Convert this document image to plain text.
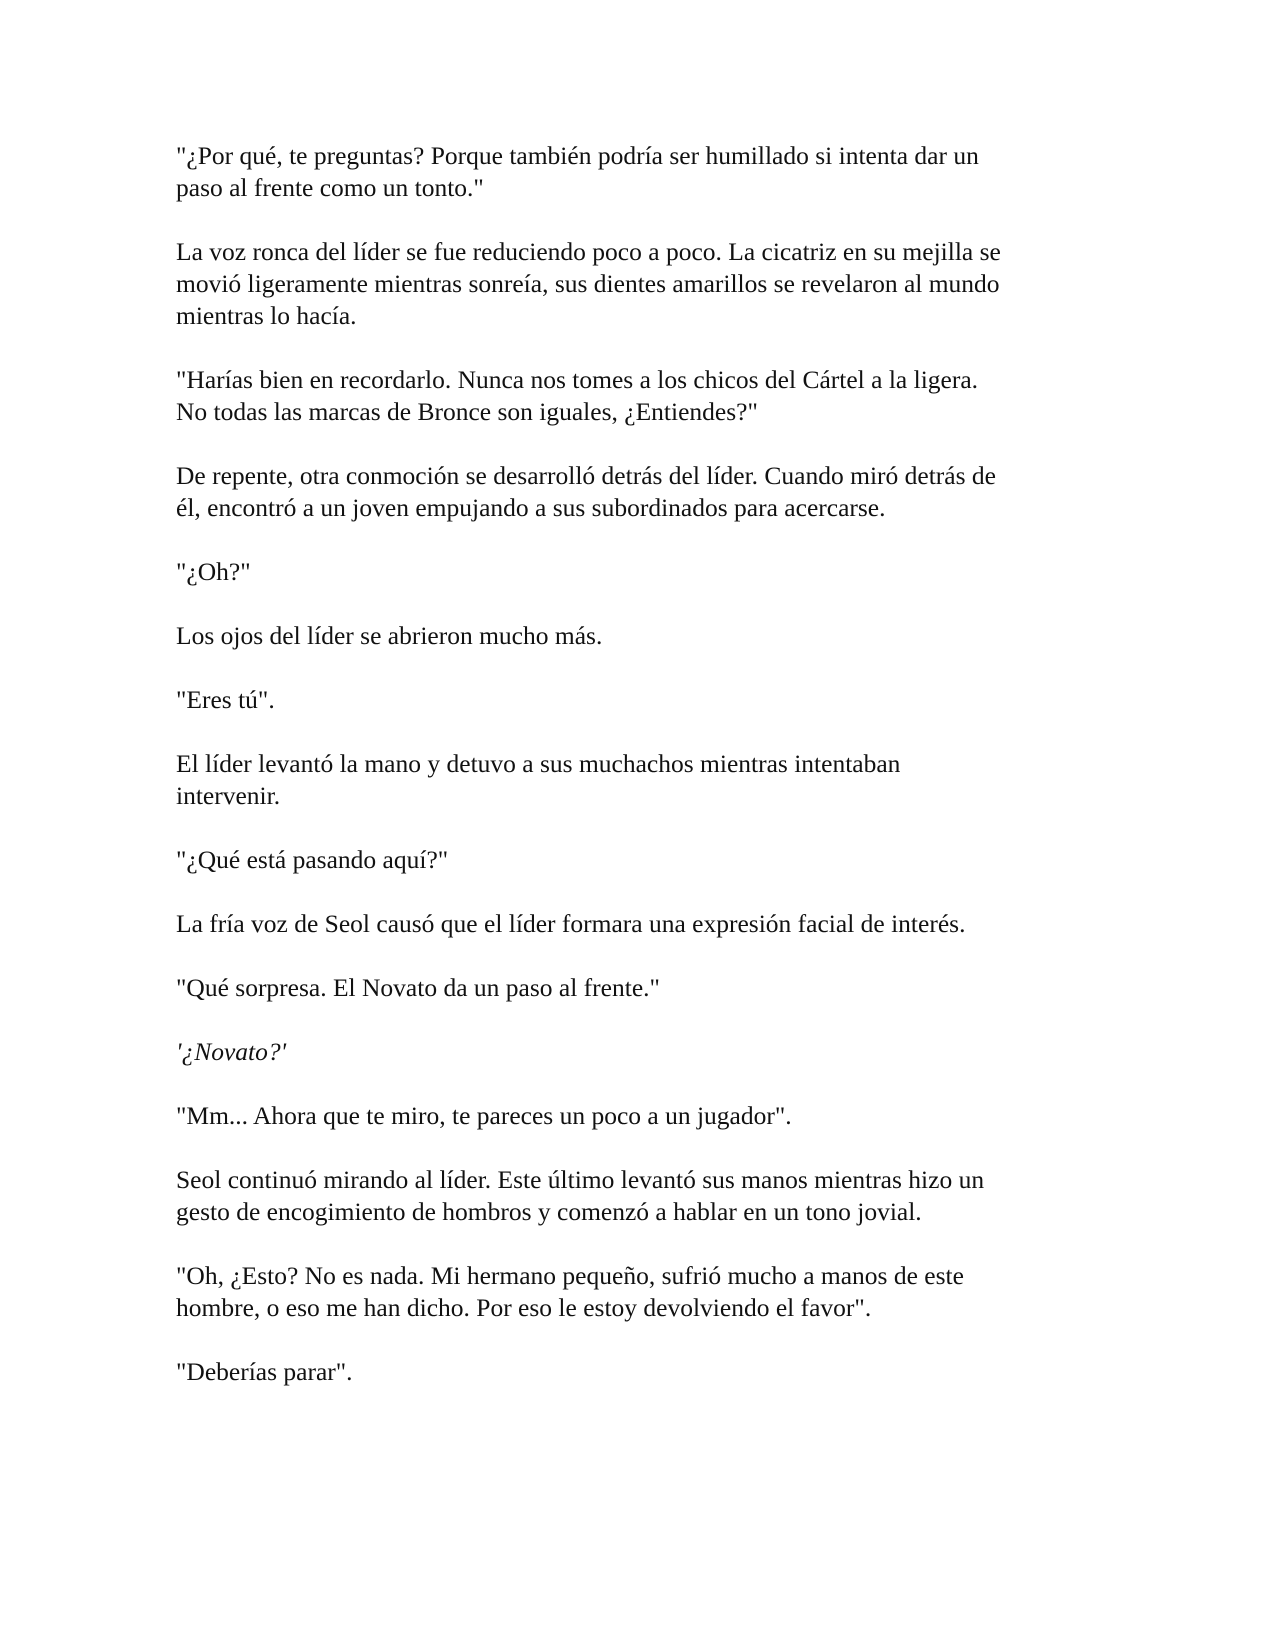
"¿Por qué, te preguntas? Porque también podría ser humillado si intenta dar un
paso al frente como un tonto."

La voz ronca del líder se fue reduciendo poco a poco. La cicatriz en su mejilla se
movió ligeramente mientras sonreía, sus dientes amarillos se revelaron al mundo
mientras lo hacía.

"Harías bien en recordarlo. Nunca nos tomes a los chicos del Cártel a la ligera.
No todas las marcas de Bronce son iguales, ¿Entiendes?"

De repente, otra conmoción se desarrolló detrás del líder. Cuando miró detrás de
él, encontró a un joven empujando a sus subordinados para acercarse.

"¿Oh?"

Los ojos del líder se abrieron mucho más.

"Eres tú".

El líder levantó la mano y detuvo a sus muchachos mientras intentaban
intervenir.

"¿Qué está pasando aquí?"

La fría voz de Seol causó que el líder formara una expresión facial de interés.

"Qué sorpresa. El Novato da un paso al frente."

'¿Novato?'

"Mm... Ahora que te miro, te pareces un poco a un jugador".

Seol continuó mirando al líder. Este último levantó sus manos mientras hizo un
gesto de encogimiento de hombros y comenzó a hablar en un tono jovial.

"Oh, ¿Esto? No es nada. Mi hermano pequeño, sufrió mucho a manos de este
hombre, o eso me han dicho. Por eso le estoy devolviendo el favor".

"Deberías parar".
